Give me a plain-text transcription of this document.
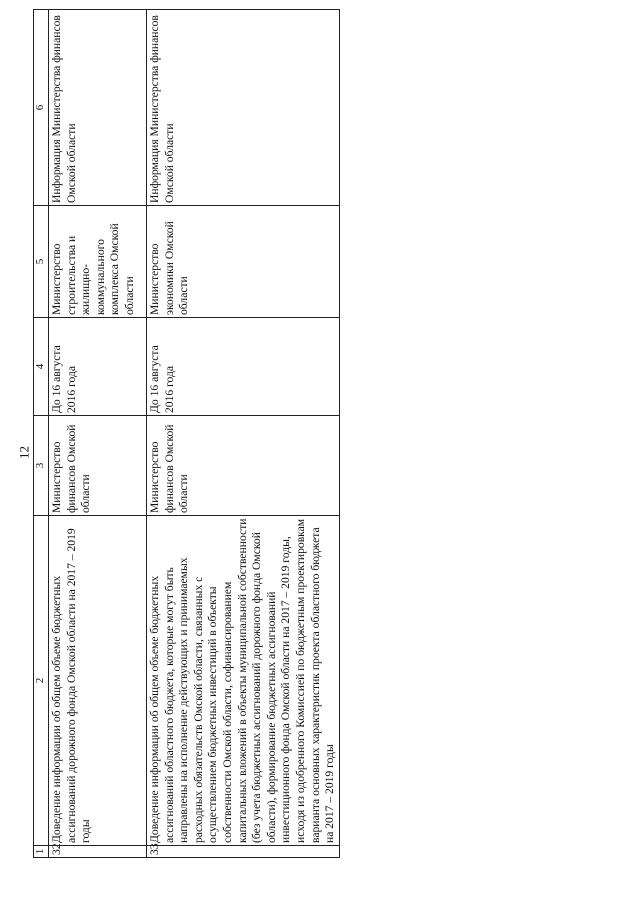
12
1	2	3	4	5	6
32	Доведение информации об общем объеме бюджетных ассигнований дорожного фонда Омской области на 2017 – 2019 годы	Министерство финансов Омской области	До 16 августа 2016 года	Министерство строительства и жилищно-коммунального комплекса Омской области	Информация Министерства финансов Омской области
33	Доведение информации об общем объеме бюджетных ассигнований областного бюджета, которые могут быть направлены на исполнение действующих и принимаемых расходных обязательств Омской области, связанных с осуществлением бюджетных инвестиций в объекты собственности Омской области, софинансированием капитальных вложений в объекты муниципальной собственности (без учета бюджетных ассигнований дорожного фонда Омской области), формирование бюджетных ассигнований инвестиционного фонда Омской области на 2017 – 2019 годы, исходя из одобренного Комиссией по бюджетным проектировкам варианта основных характеристик проекта областного бюджета на 2017 – 2019 годы	Министерство финансов Омской области	До 16 августа 2016 года	Министерство экономики Омской области	Информация Министерства финансов Омской области
